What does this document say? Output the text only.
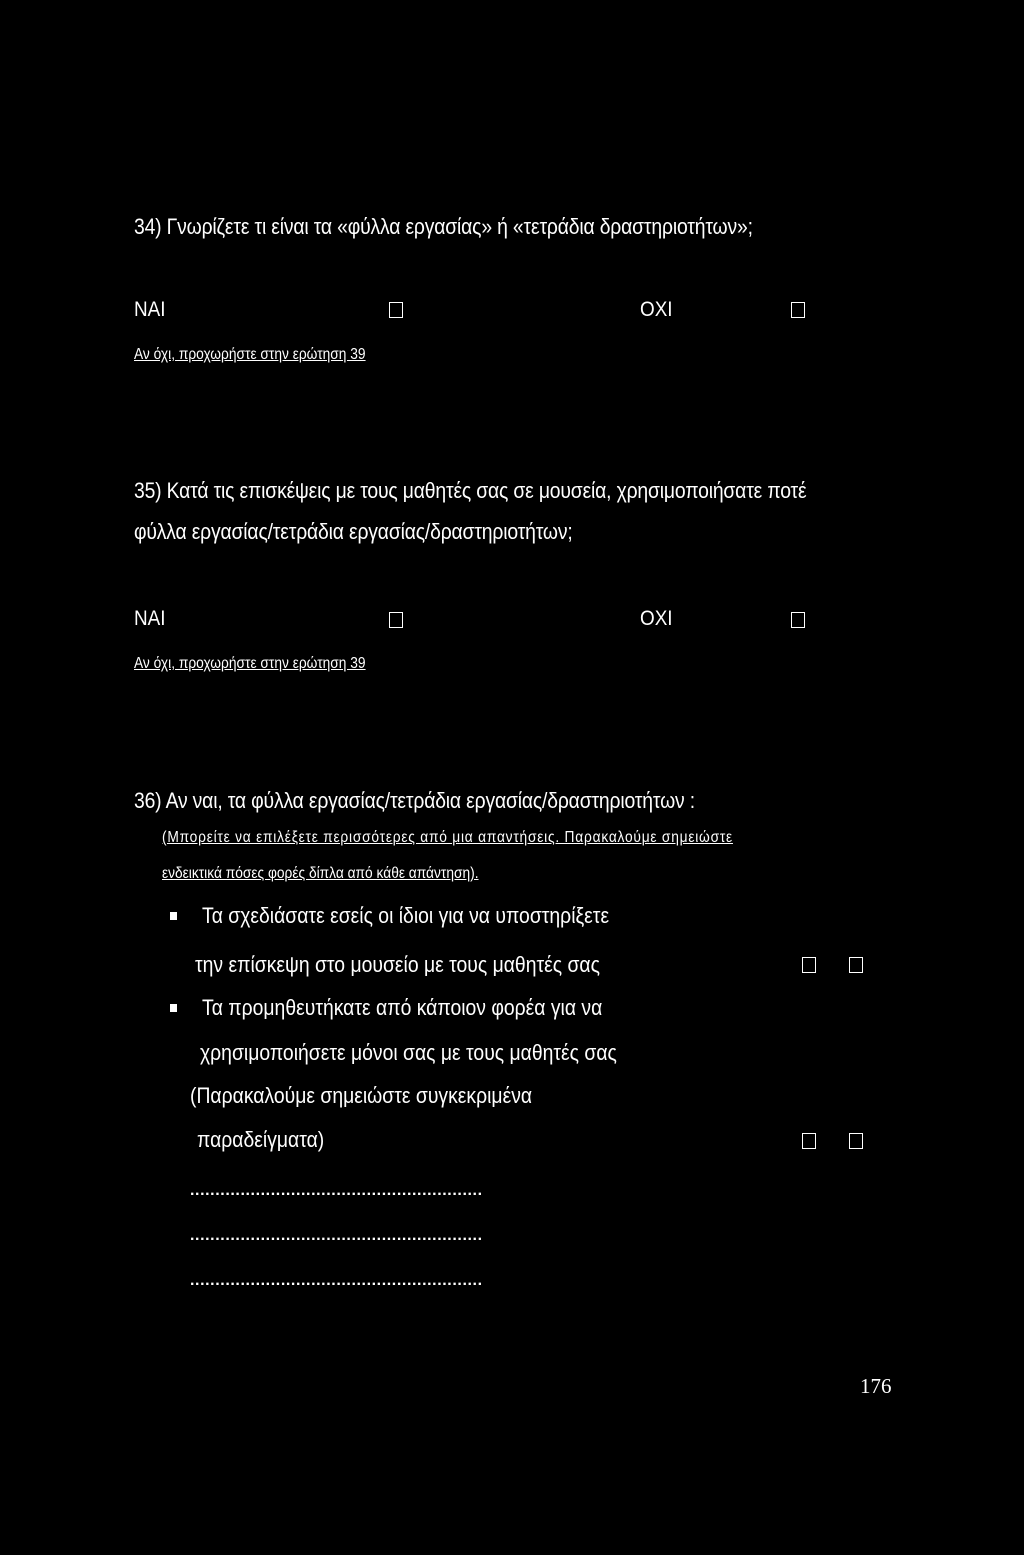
34) Γνωρίζετε τι είναι τα «φύλλα εργασίας» ή «τετράδια δραστηριοτήτων»;
ΝΑΙ	ΟΧΙ
Αν όχι, προχωρήστε στην ερώτηση 39
35) Κατά τις επισκέψεις με τους μαθητές σας σε μουσεία, χρησιμοποιήσατε ποτέ
φύλλα εργασίας/τετράδια εργασίας/δραστηριοτήτων;
ΝΑΙ	ΟΧΙ
Αν όχι, προχωρήστε στην ερώτηση 39
36) Αν ναι, τα φύλλα εργασίας/τετράδια εργασίας/δραστηριοτήτων :
(Μπορείτε να επιλέξετε περισσότερες από μια απαντήσεις. Παρακαλούμε σημειώστε
ενδεικτικά πόσες φορές δίπλα από κάθε απάντηση).
Τα σχεδιάσατε εσείς οι ίδιοι για να υποστηρίξετε
την επίσκεψη στο μουσείο με τους μαθητές σας
Τα προμηθευτήκατε από κάποιον φορέα για να
χρησιμοποιήσετε μόνοι σας με τους μαθητές σας
(Παρακαλούμε σημειώστε συγκεκριμένα
παραδείγματα)
..........................................................
..........................................................
..........................................................
176
